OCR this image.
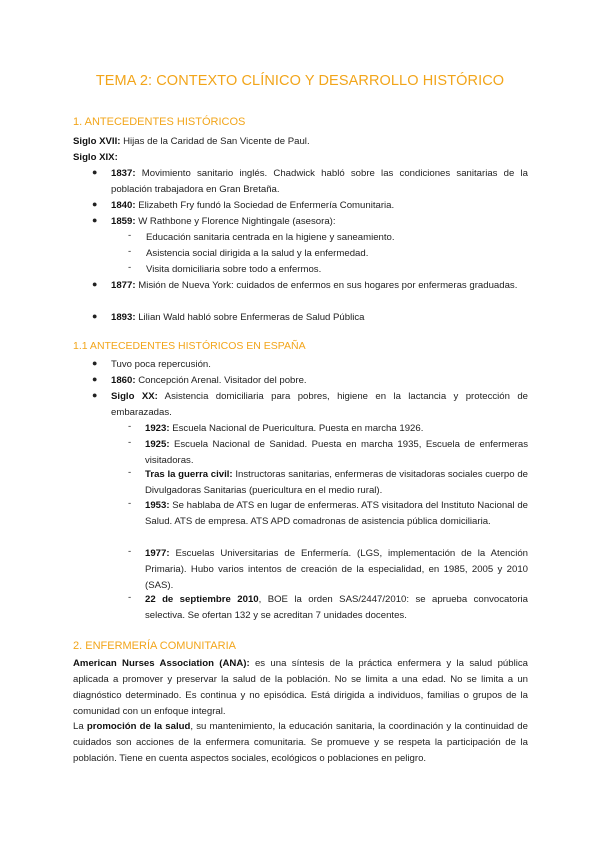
TEMA 2: CONTEXTO CLÍNICO Y DESARROLLO HISTÓRICO
1. ANTECEDENTES HISTÓRICOS
Siglo XVII: Hijas de la Caridad de San Vicente de Paul.
Siglo XIX:
● 1837: Movimiento sanitario inglés. Chadwick habló sobre las condiciones sanitarias de la población trabajadora en Gran Bretaña.
● 1840: Elizabeth Fry fundó la Sociedad de Enfermería Comunitaria.
● 1859: W Rathbone y Florence Nightingale (asesora):
- Educación sanitaria centrada en la higiene y saneamiento.
- Asistencia social dirigida a la salud y la enfermedad.
- Visita domiciliaria sobre todo a enfermos.
● 1877: Misión de Nueva York: cuidados de enfermos en sus hogares por enfermeras graduadas.
● 1893: Lilian Wald habló sobre Enfermeras de Salud Pública
1.1 ANTECEDENTES HISTÓRICOS EN ESPAÑA
● Tuvo poca repercusión.
● 1860: Concepción Arenal. Visitador del pobre.
● Siglo XX: Asistencia domiciliaria para pobres, higiene en la lactancia y protección de embarazadas.
- 1923: Escuela Nacional de Puericultura. Puesta en marcha 1926.
- 1925: Escuela Nacional de Sanidad. Puesta en marcha 1935, Escuela de enfermeras visitadoras.
- Tras la guerra civil: Instructoras sanitarias, enfermeras de visitadoras sociales cuerpo de Divulgadoras Sanitarias (puericultura en el medio rural).
- 1953: Se hablaba de ATS en lugar de enfermeras. ATS visitadora del Instituto Nacional de Salud. ATS de empresa. ATS APD comadronas de asistencia pública domiciliaria.
- 1977: Escuelas Universitarias de Enfermería. (LGS, implementación de la Atención Primaria). Hubo varios intentos de creación de la especialidad, en 1985, 2005 y 2010 (SAS).
- 22 de septiembre 2010, BOE la orden SAS/2447/2010: se aprueba convocatoria selectiva. Se ofertan 132 y se acreditan 7 unidades docentes.
2. ENFERMERÍA COMUNITARIA
American Nurses Association (ANA): es una síntesis de la práctica enfermera y la salud pública aplicada a promover y preservar la salud de la población. No se limita a una edad. No se limita a un diagnóstico determinado. Es continua y no episódica. Está dirigida a individuos, familias o grupos de la comunidad con un enfoque integral.
La promoción de la salud, su mantenimiento, la educación sanitaria, la coordinación y la continuidad de cuidados son acciones de la enfermera comunitaria. Se promueve y se respeta la participación de la población. Tiene en cuenta aspectos sociales, ecológicos o poblaciones en peligro.
